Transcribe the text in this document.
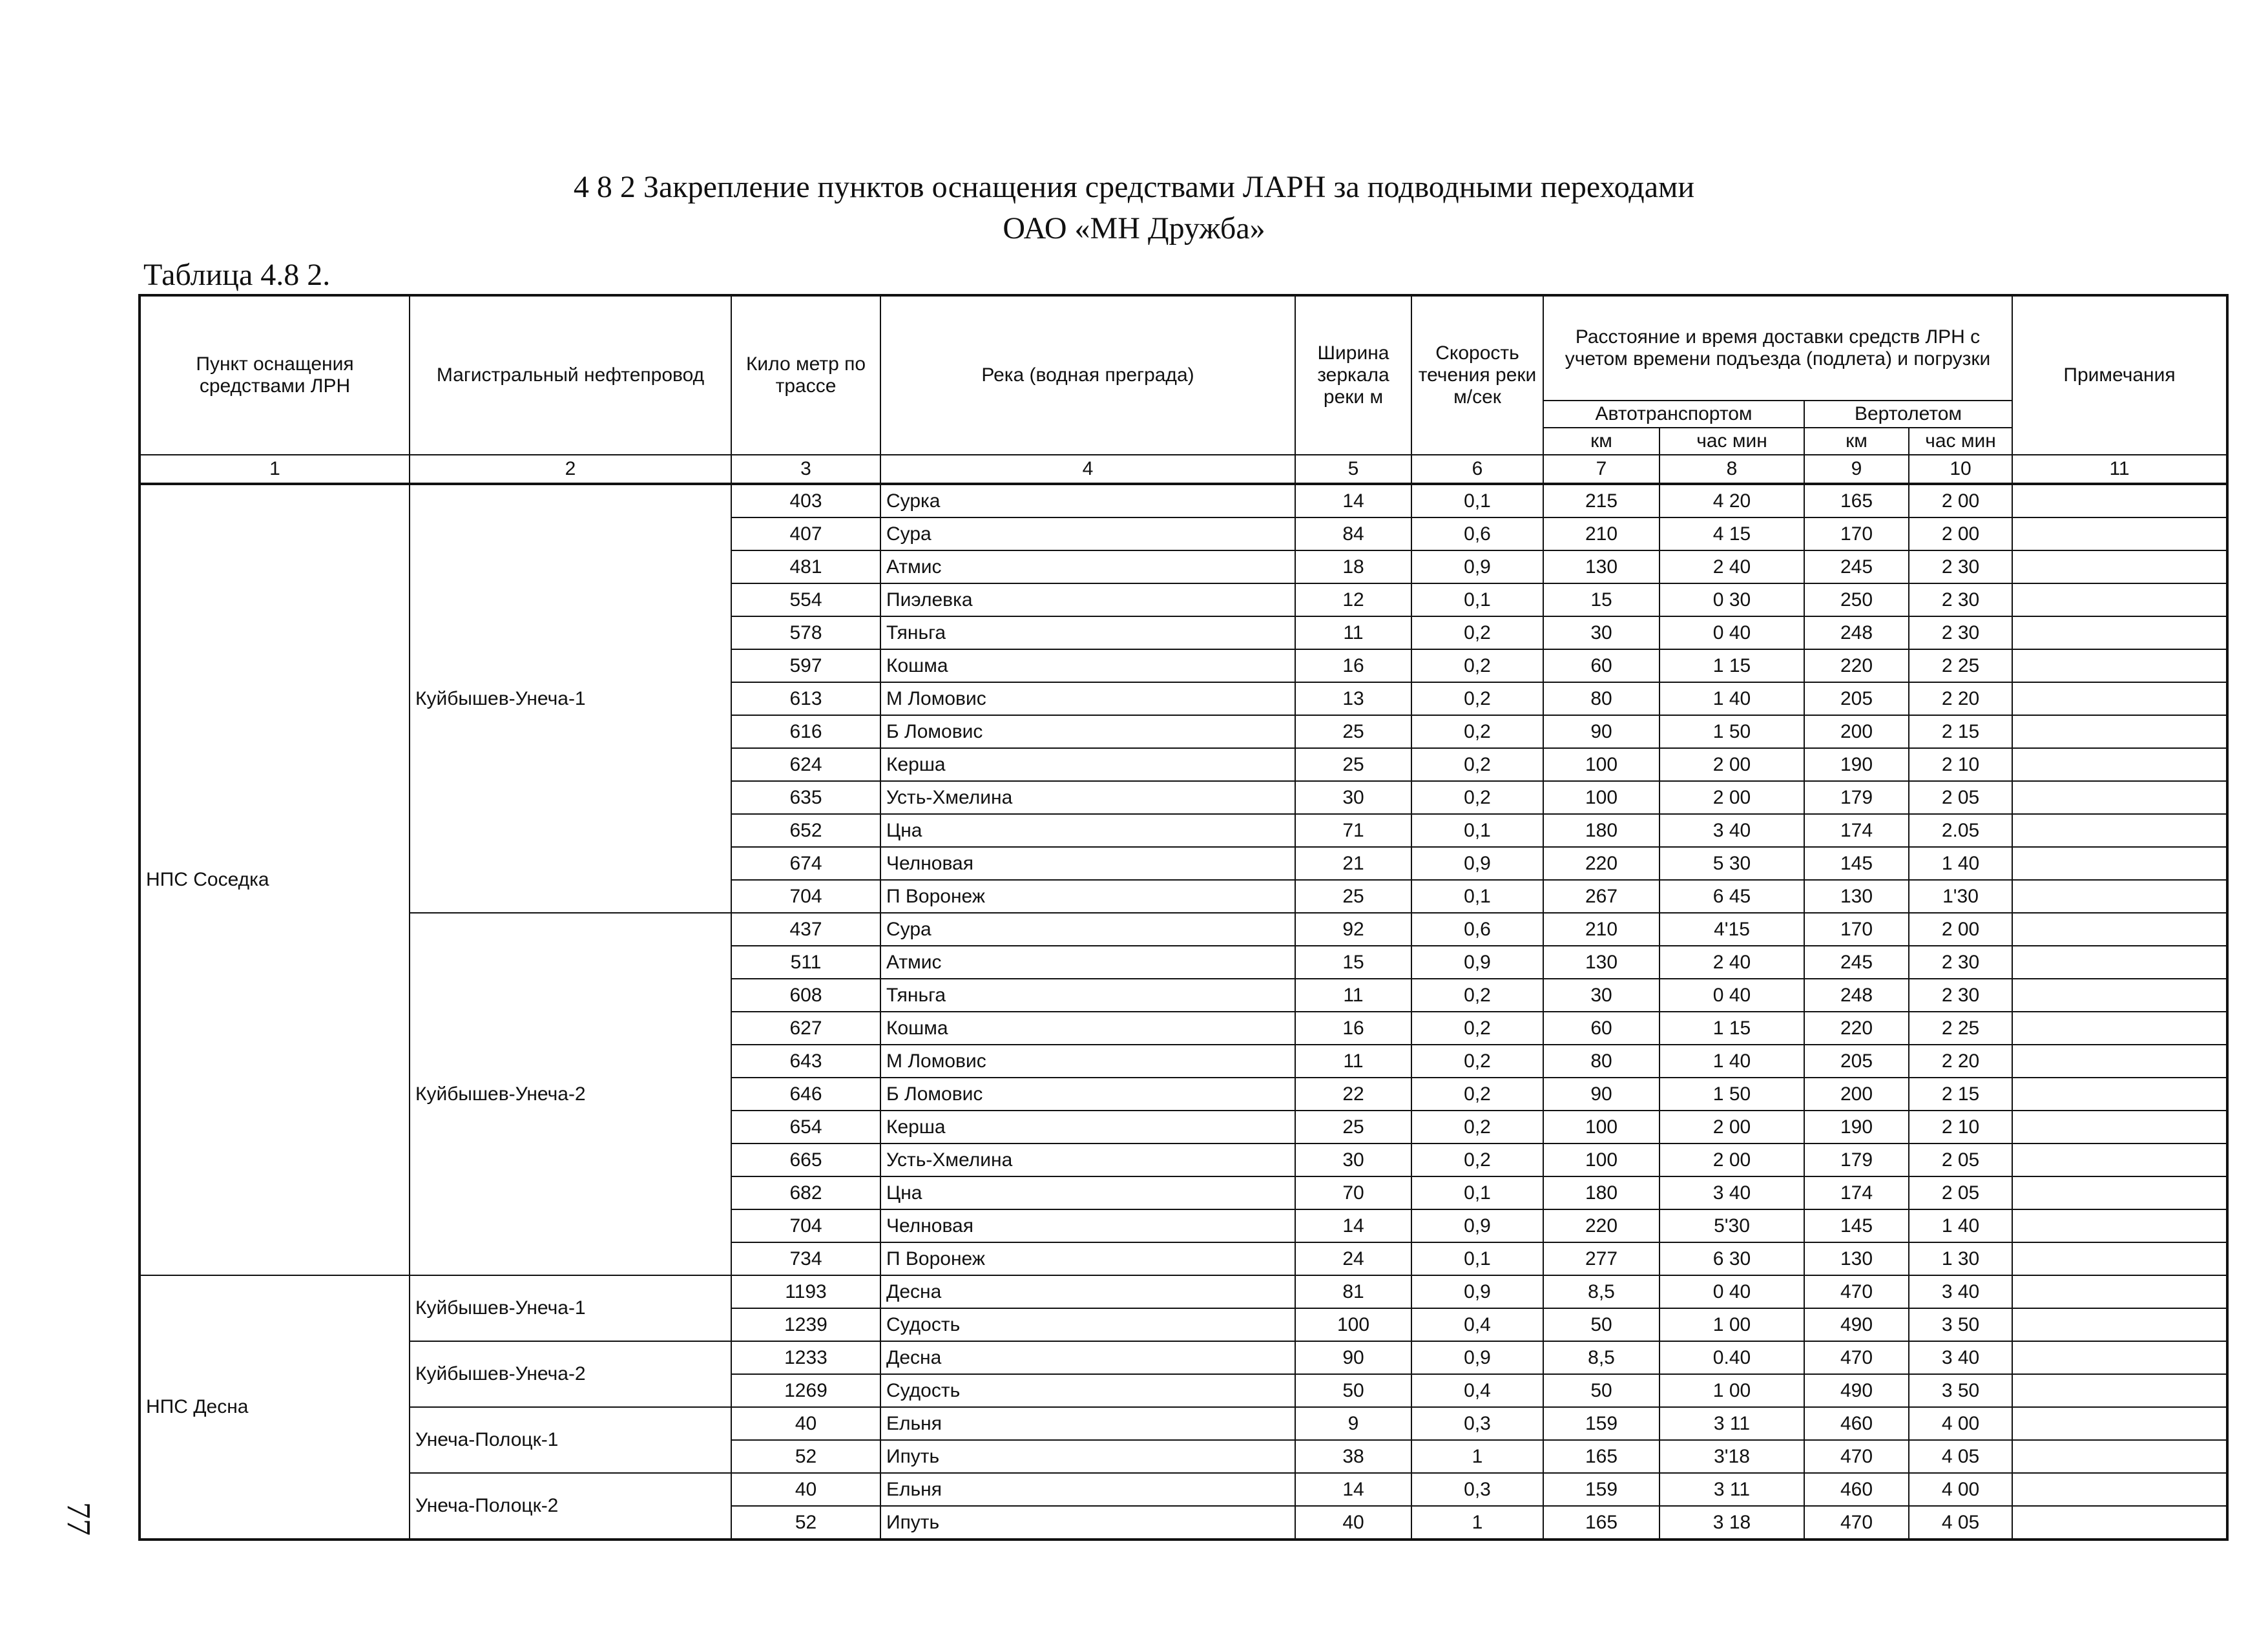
4 8 2 Закрепление пунктов оснащения средствами ЛАРН за подводными переходами
ОАО «МН Дружба»
Таблица 4.8 2.
77
Пункт оснащения средствами ЛРН	Магистральный нефтепровод	Кило метр по трассе	Река (водная преграда)	Ширина зеркала реки м	Скорость течения реки м/сек	Расстояние и время доставки средств ЛРН с учетом времени подъезда (подлета) и погрузки				Примечания
						Автотранспортом		Вертолетом		
						км	час мин	км	час мин	
1	2	3	4	5	6	7	8	9	10	11
НПС Соседка	Куйбышев-Унеча-1	403	Сурка	14	0,1	215	4 20	165	2 00	
		407	Сура	84	0,6	210	4 15	170	2 00	
		481	Атмис	18	0,9	130	2 40	245	2 30	
		554	Пиэлевка	12	0,1	15	0 30	250	2 30	
		578	Тяньга	11	0,2	30	0 40	248	2 30	
		597	Кошма	16	0,2	60	1 15	220	2 25	
		613	М Ломовис	13	0,2	80	1 40	205	2 20	
		616	Б Ломовис	25	0,2	90	1 50	200	2 15	
		624	Керша	25	0,2	100	2 00	190	2 10	
		635	Усть-Хмелина	30	0,2	100	2 00	179	2 05	
		652	Цна	71	0,1	180	3 40	174	2.05	
		674	Челновая	21	0,9	220	5 30	145	1 40	
		704	П Воронеж	25	0,1	267	6 45	130	1'30	
	Куйбышев-Унеча-2	437	Сура	92	0,6	210	4'15	170	2 00	
		511	Атмис	15	0,9	130	2 40	245	2 30	
		608	Тяньга	11	0,2	30	0 40	248	2 30	
		627	Кошма	16	0,2	60	1 15	220	2 25	
		643	М Ломовис	11	0,2	80	1 40	205	2 20	
		646	Б Ломовис	22	0,2	90	1 50	200	2 15	
		654	Керша	25	0,2	100	2 00	190	2 10	
		665	Усть-Хмелина	30	0,2	100	2 00	179	2 05	
		682	Цна	70	0,1	180	3 40	174	2 05	
		704	Челновая	14	0,9	220	5'30	145	1 40	
		734	П Воронеж	24	0,1	277	6 30	130	1 30	
НПС Десна	Куйбышев-Унеча-1	1193	Десна	81	0,9	8,5	0 40	470	3 40	
		1239	Судость	100	0,4	50	1 00	490	3 50	
	Куйбышев-Унеча-2	1233	Десна	90	0,9	8,5	0.40	470	3 40	
		1269	Судость	50	0,4	50	1 00	490	3 50	
	Унеча-Полоцк-1	40	Ельня	9	0,3	159	3 11	460	4 00	
		52	Ипуть	38	1	165	3'18	470	4 05	
	Унеча-Полоцк-2	40	Ельня	14	0,3	159	3 11	460	4 00	
		52	Ипуть	40	1	165	3 18	470	4 05	
